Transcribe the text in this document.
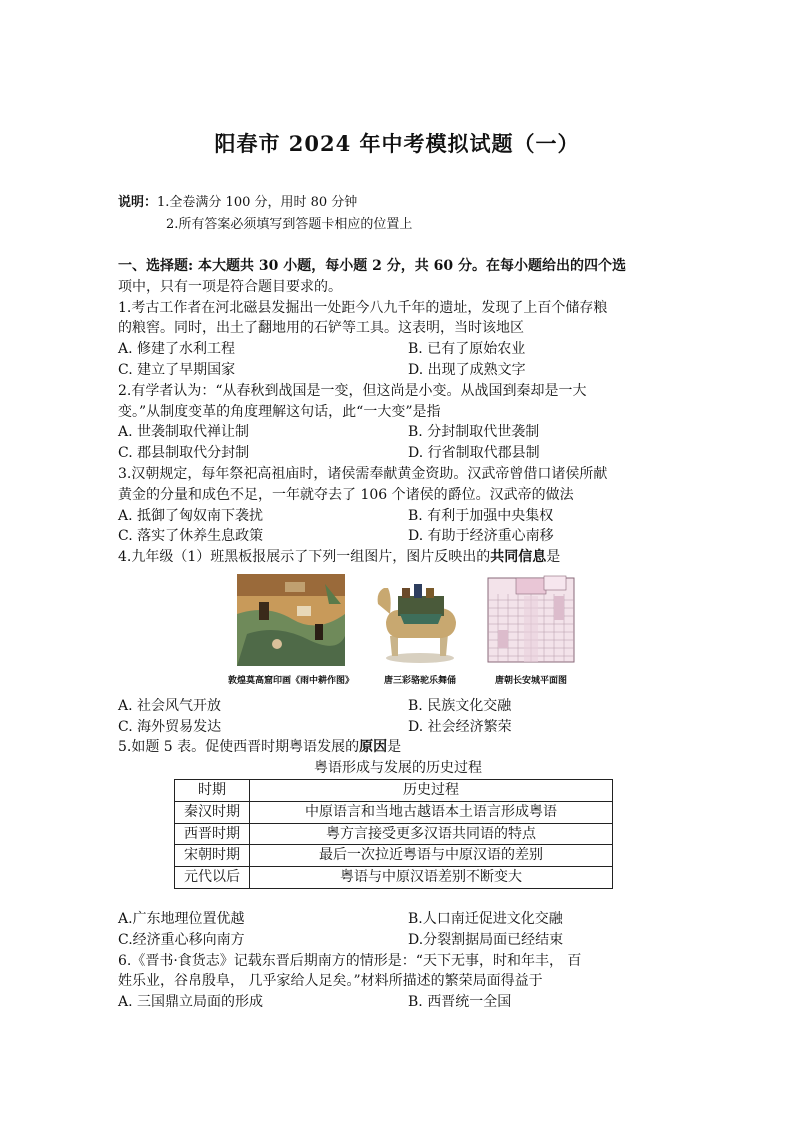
阳春市 2024 年中考模拟试题（一）
说明：1.全卷满分 100 分，用时 80 分钟
2.所有答案必须填写到答题卡相应的位置上
一、选择题: 本大题共 30 小题，每小题 2 分，共 60 分。在每小题给出的四个选
项中，只有一项是符合题目要求的。
1.考古工作者在河北磁县发掘出一处距今八九千年的遗址，发现了上百个储存粮
的粮窖。同时，出土了翻地用的石铲等工具。这表明，当时该地区
A. 修建了水利工程	B. 已有了原始农业
C. 建立了早期国家	D. 出现了成熟文字
2.有学者认为：“从春秋到战国是一变，但这尚是小变。从战国到秦却是一大
变。”从制度变革的角度理解这句话，此“一大变”是指
A. 世袭制取代禅让制	B. 分封制取代世袭制
C. 郡县制取代分封制	D. 行省制取代郡县制
3.汉朝规定，每年祭祀高祖庙时，诸侯需奉献黄金资助。汉武帝曾借口诸侯所献
黄金的分量和成色不足，一年就夺去了 106 个诸侯的爵位。汉武帝的做法
A. 抵御了匈奴南下袭扰	B. 有利于加强中央集权
C. 落实了休养生息政策	D. 有助于经济重心南移
4.九年级（1）班黑板报展示了下列一组图片，图片反映出的共同信息是
敦煌莫高窟印画《雨中耕作图》	唐三彩骆驼乐舞俑	唐朝长安城平面图
A. 社会风气开放	B. 民族文化交融
C. 海外贸易发达	D. 社会经济繁荣
5.如题 5 表。促使西晋时期粤语发展的原因是
粤语形成与发展的历史过程
时期	历史过程
秦汉时期	中原语言和当地古越语本土语言形成粤语
西晋时期	粤方言接受更多汉语共同语的特点
宋朝时期	最后一次拉近粤语与中原汉语的差别
元代以后	粤语与中原汉语差别不断变大
A.广东地理位置优越	B.人口南迁促进文化交融
C.经济重心移向南方	D.分裂割据局面已经结束
6.《晋书·食货志》记载东晋后期南方的情形是：“天下无事，时和年丰， 百
姓乐业，谷帛殷阜， 几乎家给人足矣。”材料所描述的繁荣局面得益于
A. 三国鼎立局面的形成	B. 西晋统一全国
